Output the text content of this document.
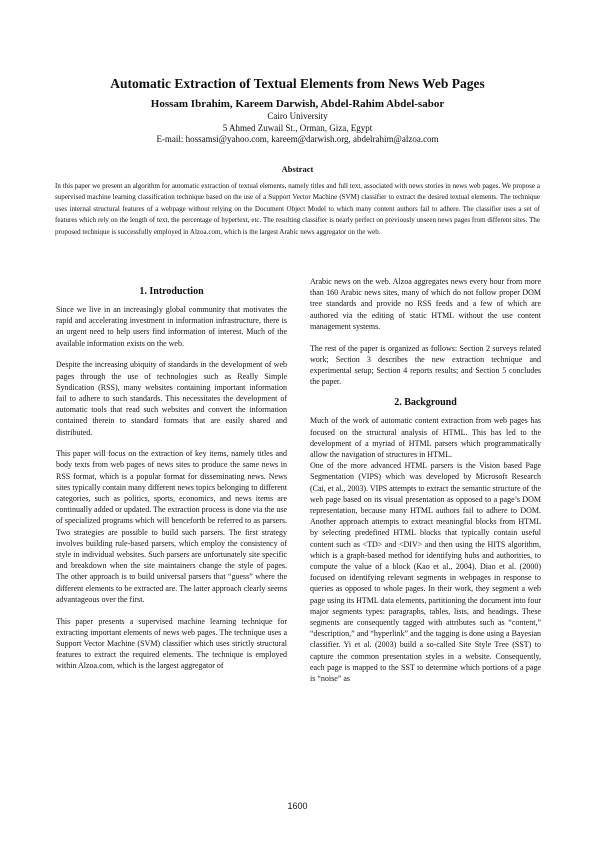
Automatic Extraction of Textual Elements from News Web Pages
Hossam Ibrahim, Kareem Darwish, Abdel-Rahim Abdel-sabor
Cairo University
5 Ahmed Zuwail St., Orman, Giza, Egypt
E-mail: hossamsi@yahoo.com, kareem@darwish.org, abdelrahim@alzoa.com
Abstract
In this paper we present an algorithm for automatic extraction of textual elements, namely titles and full text, associated with news stories in news web pages. We propose a supervised machine learning classification technique based on the use of a Support Vector Machine (SVM) classifier to extract the desired textual elements. The technique uses internal structural features of a webpage without relying on the Document Object Model to which many content authors fail to adhere. The classifier uses a set of features which rely on the length of text, the percentage of hypertext, etc. The resulting classifier is nearly perfect on previously unseen news pages from different sites. The proposed technique is successfully employed in Alzoa.com, which is the largest Arabic news aggregator on the web.
1. Introduction

Since we live in an increasingly global community that motivates the rapid and accelerating investment in information infrastructure, there is an urgent need to help users find information of interest. Much of the available information exists on the web.

Despite the increasing ubiquity of standards in the development of web pages through the use of technologies such as Really Simple Syndication (RSS), many websites containing important information fail to adhere to such standards. This necessitates the development of automatic tools that read such websites and convert the information contained therein to standard formats that are easily shared and distributed.

This paper will focus on the extraction of key items, namely titles and body texts from web pages of news sites to produce the same news in RSS format, which is a popular format for disseminating news. News sites typically contain many different news topics belonging to different categories, such as politics, sports, economics, and news items are continually added or updated. The extraction process is done via the use of specialized programs which will henceforth be referred to as parsers. Two strategies are possible to build such parsers. The first strategy involves building rule-based parsers, which employ the consistency of style in individual websites. Such parsers are unfortunately site specific and breakdown when the site maintainers change the style of pages. The other approach is to build universal parsers that “guess” where the different elements to be extracted are. The latter approach clearly seems advantageous over the first.

This paper presents a supervised machine learning technique for extracting important elements of news web pages. The technique uses a Support Vector Machine (SVM) classifier which uses strictly structural features to extract the required elements. The technique is employed within Alzoa.com, which is the largest aggregator of

Arabic news on the web. Alzoa aggregates news every hour from more than 160 Arabic news sites, many of which do not follow proper DOM tree standards and provide no RSS feeds and a few of which are authored via the editing of static HTML without the use content management systems.

The rest of the paper is organized as follows: Section 2 surveys related work; Section 3 describes the new extraction technique and experimental setup; Section 4 reports results; and Section 5 concludes the paper.

2. Background

Much of the work of automatic content extraction from web pages has focused on the structural analysis of HTML. This has led to the development of a myriad of HTML parsers which programmatically allow the navigation of structures in HTML.

One of the more advanced HTML parsers is the Vision based Page Segmentation (VIPS) which was developed by Microsoft Research (Cai, et al., 2003). VIPS attempts to extract the semantic structure of the web page based on its visual presentation as opposed to a page’s DOM representation, because many HTML authors fail to adhere to DOM. Another approach attempts to extract meaningful blocks from HTML by selecting predefined HTML blocks that typically contain useful content such as <TD> and <DIV> and then using the HITS algorithm, which is a graph-based method for identifying hubs and authorities, to compute the value of a block (Kao et al., 2004). Diao et al. (2000) focused on identifying relevant segments in webpages in response to queries as opposed to whole pages. In their work, they segment a web page using its HTML data elements, partitioning the document into four major segments types: paragraphs, tables, lists, and headings. These segments are consequently tagged with attributes such as “content,” “description,” and “hyperlink” and the tagging is done using a Bayesian classifier. Yi et al. (2003) build a so-called Site Style Tree (SST) to capture the common presentation styles in a website. Consequently, each page is mapped to the SST to determine which portions of a page is “noise” as

1600
